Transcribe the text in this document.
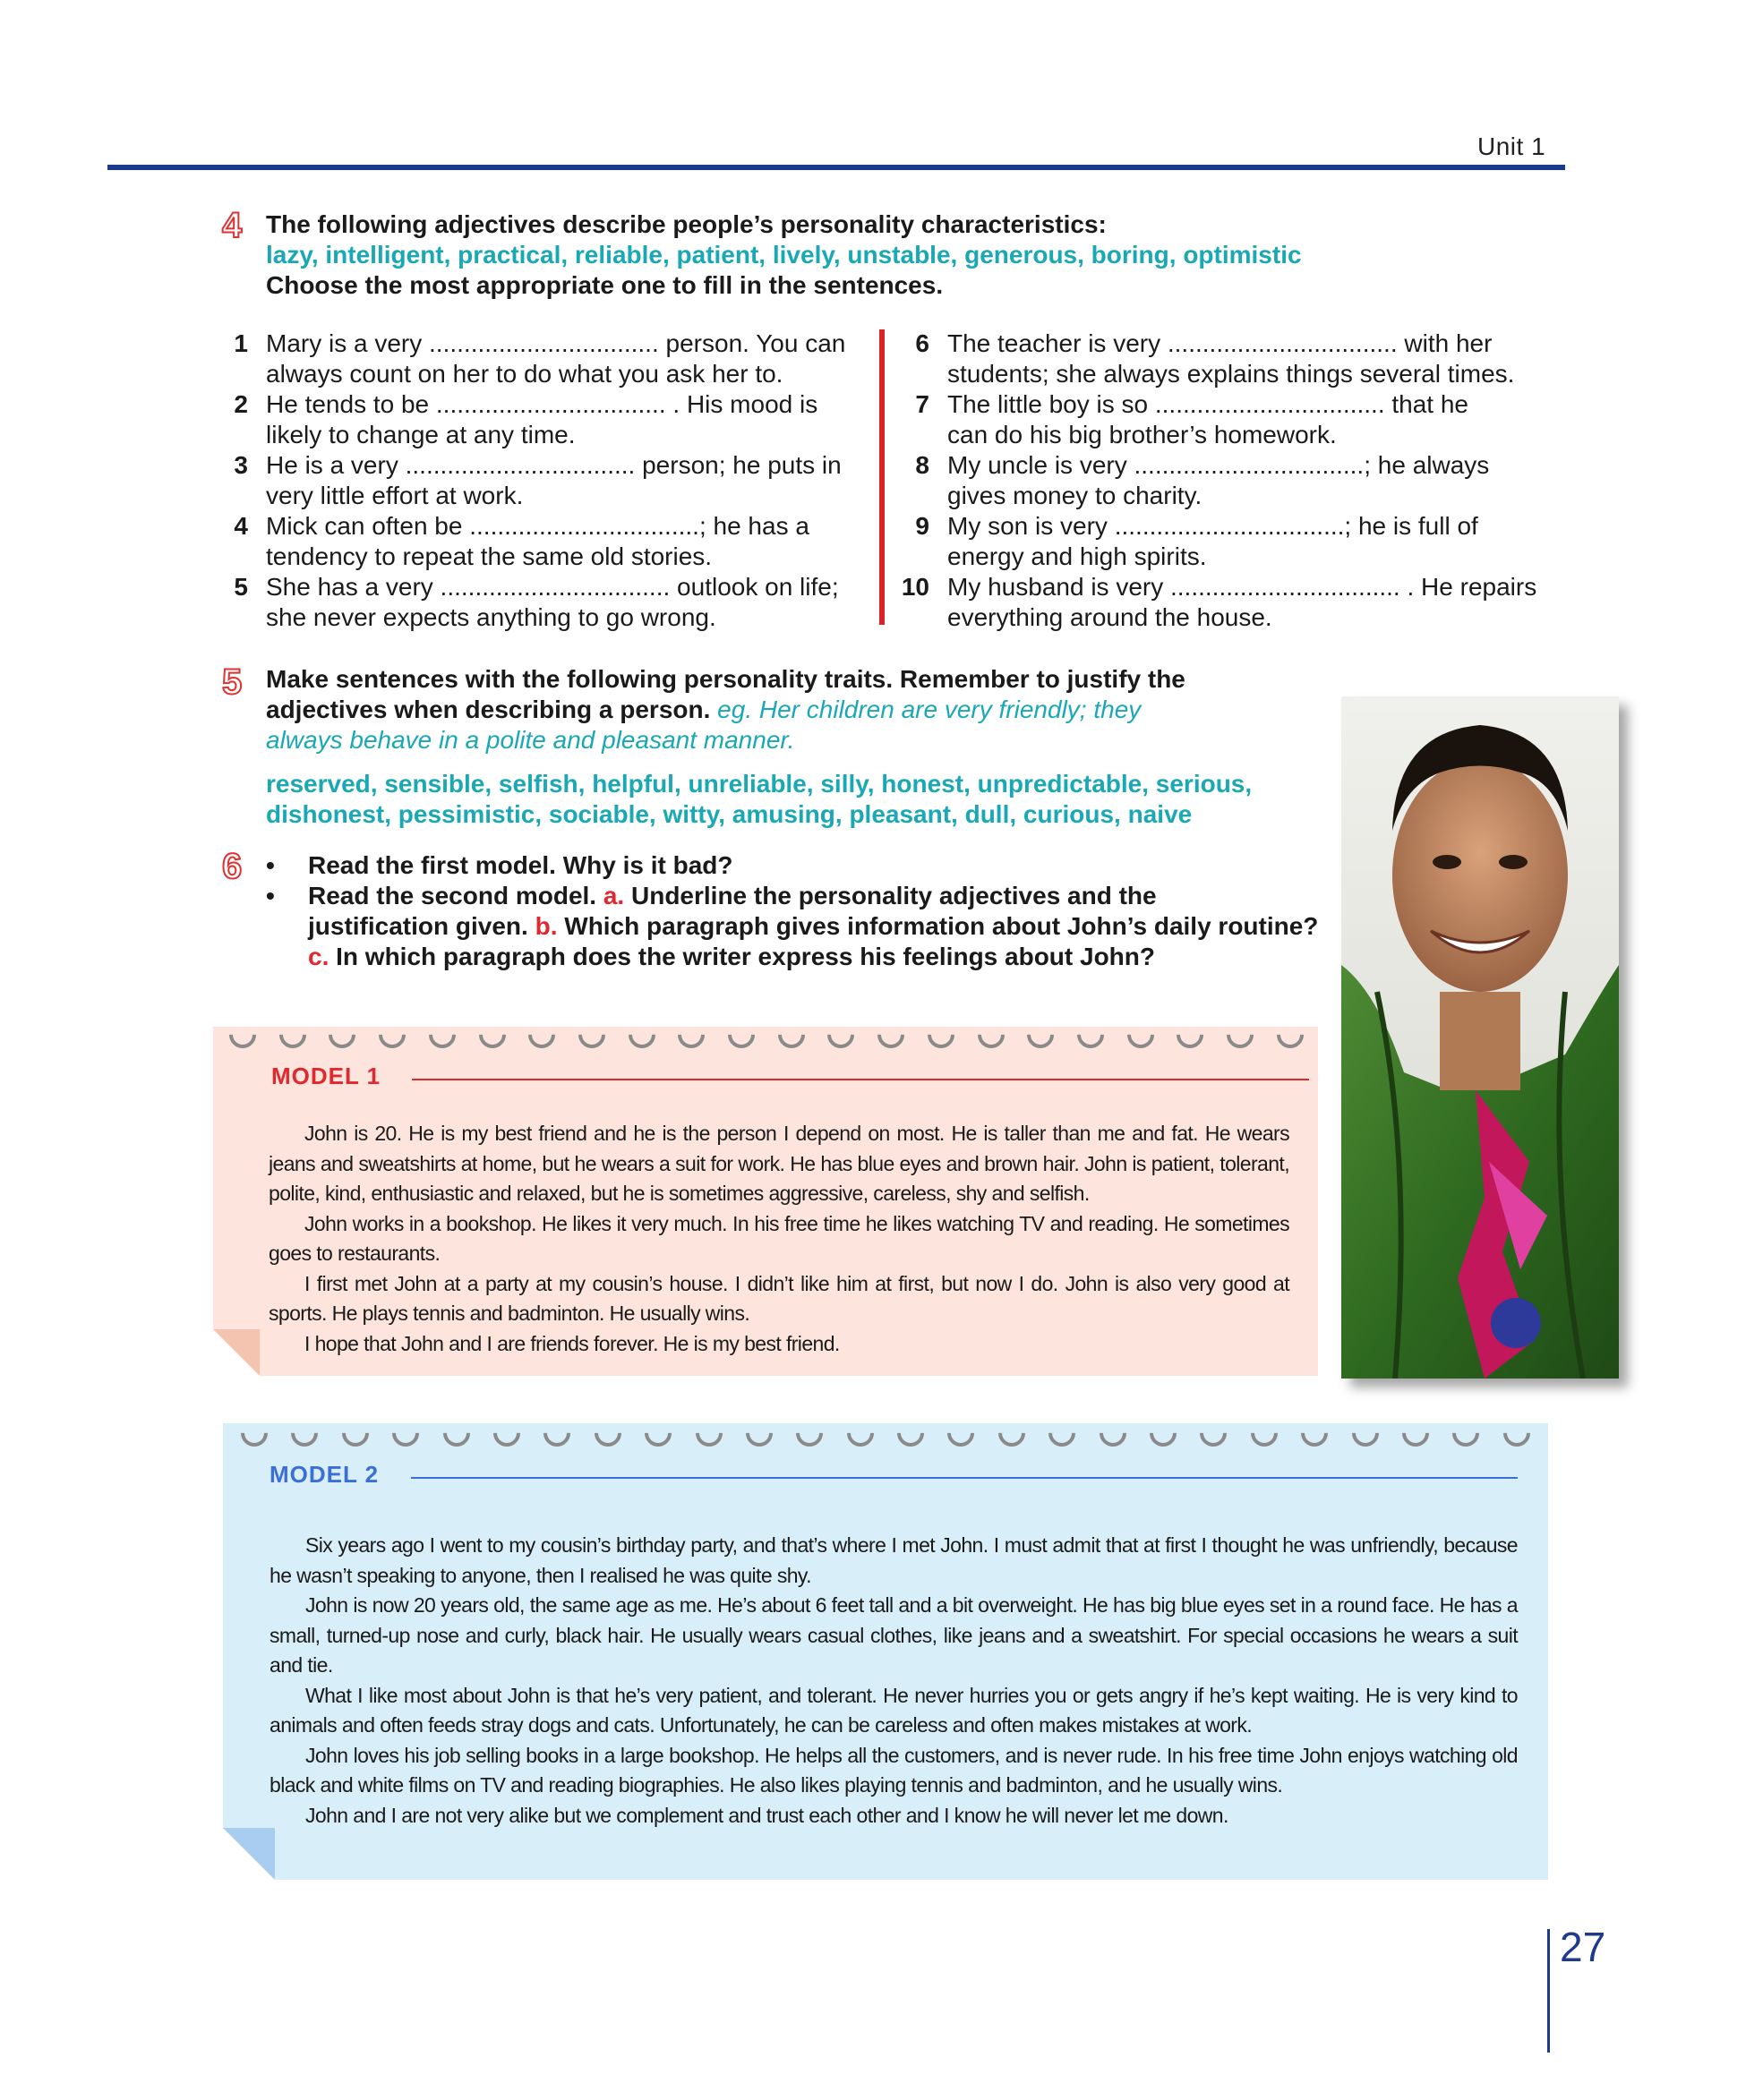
Unit 1
4 The following adjectives describe people’s personality characteristics:
lazy, intelligent, practical, reliable, patient, lively, unstable, generous, boring, optimistic
Choose the most appropriate one to fill in the sentences.
1 Mary is a very ................................. person. You can
always count on her to do what you ask her to.
2 He tends to be ................................. . His mood is
likely to change at any time.
3 He is a very ................................. person; he puts in
very little effort at work.
4 Mick can often be .................................; he has a
tendency to repeat the same old stories.
5 She has a very ................................. outlook on life;
she never expects anything to go wrong.
6 The teacher is very ................................. with her
students; she always explains things several times.
7 The little boy is so ................................. that he
can do his big brother’s homework.
8 My uncle is very .................................; he always
gives money to charity.
9 My son is very .................................; he is full of
energy and high spirits.
10 My husband is very ................................. . He repairs
everything around the house.
5 Make sentences with the following personality traits. Remember to justify the
adjectives when describing a person. eg. Her children are very friendly; they
always behave in a polite and pleasant manner.
reserved, sensible, selfish, helpful, unreliable, silly, honest, unpredictable, serious,
dishonest, pessimistic, sociable, witty, amusing, pleasant, dull, curious, naive
6 • Read the first model. Why is it bad?
• Read the second model. a. Underline the personality adjectives and the
justification given. b. Which paragraph gives information about John’s daily routine?
c. In which paragraph does the writer express his feelings about John?
MODEL 1

John is 20. He is my best friend and he is the person I depend on most. He is taller than me and fat. He wears jeans and sweatshirts at home, but he wears a suit for work. He has blue eyes and brown hair. John is patient, tolerant, polite, kind, enthusiastic and relaxed, but he is sometimes aggressive, careless, shy and selfish.

John works in a bookshop. He likes it very much. In his free time he likes watching TV and reading. He sometimes goes to restaurants.

I first met John at a party at my cousin’s house. I didn’t like him at first, but now I do. John is also very good at sports. He plays tennis and badminton. He usually wins.

I hope that John and I are friends forever. He is my best friend.

MODEL 2

Six years ago I went to my cousin’s birthday party, and that’s where I met John. I must admit that at first I thought he was unfriendly, because he wasn’t speaking to anyone, then I realised he was quite shy.

John is now 20 years old, the same age as me. He’s about 6 feet tall and a bit overweight. He has big blue eyes set in a round face. He has a small, turned-up nose and curly, black hair. He usually wears casual clothes, like jeans and a sweatshirt. For special occasions he wears a suit and tie.

What I like most about John is that he’s very patient, and tolerant. He never hurries you or gets angry if he’s kept waiting. He is very kind to animals and often feeds stray dogs and cats. Unfortunately, he can be careless and often makes mistakes at work.

John loves his job selling books in a large bookshop. He helps all the customers, and is never rude. In his free time John enjoys watching old black and white films on TV and reading biographies. He also likes playing tennis and badminton, and he usually wins.

John and I are not very alike but we complement and trust each other and I know he will never let me down.

27
